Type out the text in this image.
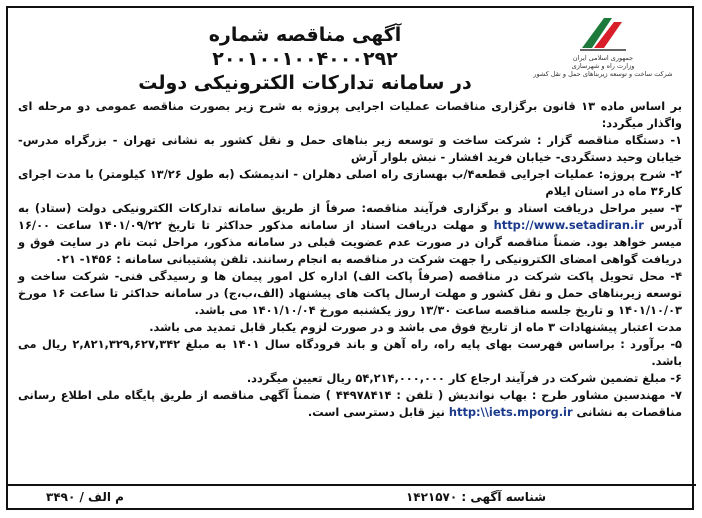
جمهوری اسلامی ایران
وزارت راه و شهرسازی
شرکت ساخت و توسعه زیربناهای حمل و نقل کشور
آگهی مناقصه شماره ۲۰۰۱۰۰۱۰۰۴۰۰۰۲۹۲
در سامانه تدارکات الکترونیکی دولت

بر اساس ماده ۱۳ قانون برگزاری مناقصات عملیات اجرایی پروژه به شرح زیر بصورت مناقصه عمومی دو مرحله ای واگذار میگردد:

۱- دستگاه مناقصه گزار : شرکت ساخت و توسعه زیر بناهای حمل و نقل کشور به نشانی تهران - بزرگراه مدرس- خیابان وحید دستگردی- خیابان فرید افشار - نبش بلوار آرش

۲- شرح پروژه: عملیات اجرایی قطعه۴/ب بهسازی راه اصلی دهلران - اندیمشک (به طول ۱۳/۲۶ کیلومتر) با مدت اجرای کار۳۶ ماه در استان ایلام

۳- سیر مراحل دریافت اسناد و برگزاری فرآیند مناقصه: صرفاً از طریق سامانه تدارکات الکترونیکی دولت (ستاد) به آدرس http://www.setadiran.ir و مهلت دریافت اسناد از سامانه مذکور حداکثر تا تاریخ ۱۴۰۱/۰۹/۲۲ ساعت ۱۶/۰۰ میسر خواهد بود. ضمناً مناقصه گران در صورت عدم عضویت قبلی در سامانه مذکور، مراحل ثبت نام در سایت فوق و دریافت گواهی امضای الکترونیکی را جهت شرکت در مناقصه به انجام رسانند. تلفن پشتیبانی سامانه : ۱۴۵۶- ۰۲۱

۴- محل تحویل پاکت شرکت در مناقصه (صرفاً پاکت الف) اداره کل امور پیمان ها و رسیدگی فنی- شرکت ساخت و توسعه زیربناهای حمل و نقل کشور و مهلت ارسال پاکت های پیشنهاد (الف،ب،ج) در سامانه حداکثر تا ساعت ۱۶ مورخ ۱۴۰۱/۱۰/۰۳ و تاریخ جلسه مناقصه ساعت ۱۳/۳۰ روز یکشنبه مورخ ۱۴۰۱/۱۰/۰۴ می باشد.

مدت اعتبار پیشنهادات ۳ ماه از تاریخ فوق می باشد و در صورت لزوم یکبار قابل تمدید می باشد.

۵- برآورد : براساس فهرست بهای پایه راه، راه آهن و باند فرودگاه سال ۱۴۰۱ به مبلغ ۲,۸۲۱,۳۲۹,۶۲۷,۳۴۲ ریال می باشد.

۶- مبلغ تضمین شرکت در فرآیند ارجاع کار ۵۴,۲۱۴,۰۰۰,۰۰۰ ریال تعیین میگردد.

۷- مهندسین مشاور طرح : بهاب نواندیش ( تلفن : ۴۴۹۷۸۴۱۴ ) ضمناً آگهی مناقصه از طریق پایگاه ملی اطلاع رسانی مناقصات به نشانی http:\\iets.mporg.ir نیز قابل دسترسی است.

شناسه آگهی : ۱۴۲۱۵۷۰
م الف / ۳۴۹۰
